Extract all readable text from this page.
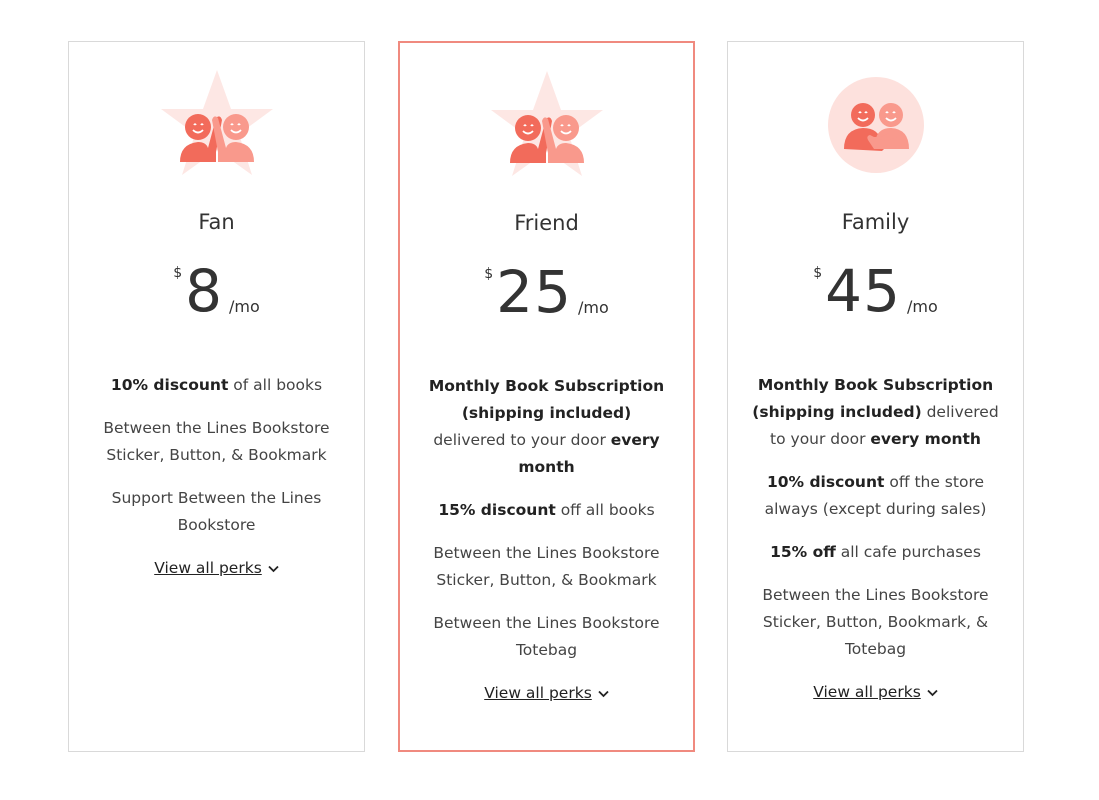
Fan
$ 8 /mo
10% discount of all books
Between the Lines Bookstore Sticker, Button, & Bookmark
Support Between the Lines Bookstore
View all perks
Friend
$ 25 /mo
Monthly Book Subscription (shipping included) delivered to your door every month
15% discount off all books
Between the Lines Bookstore Sticker, Button, & Bookmark
Between the Lines Bookstore Totebag
View all perks
Family
$ 45 /mo
Monthly Book Subscription (shipping included) delivered to your door every month
10% discount off the store always (except during sales)
15% off all cafe purchases
Between the Lines Bookstore Sticker, Button, Bookmark, & Totebag
View all perks
